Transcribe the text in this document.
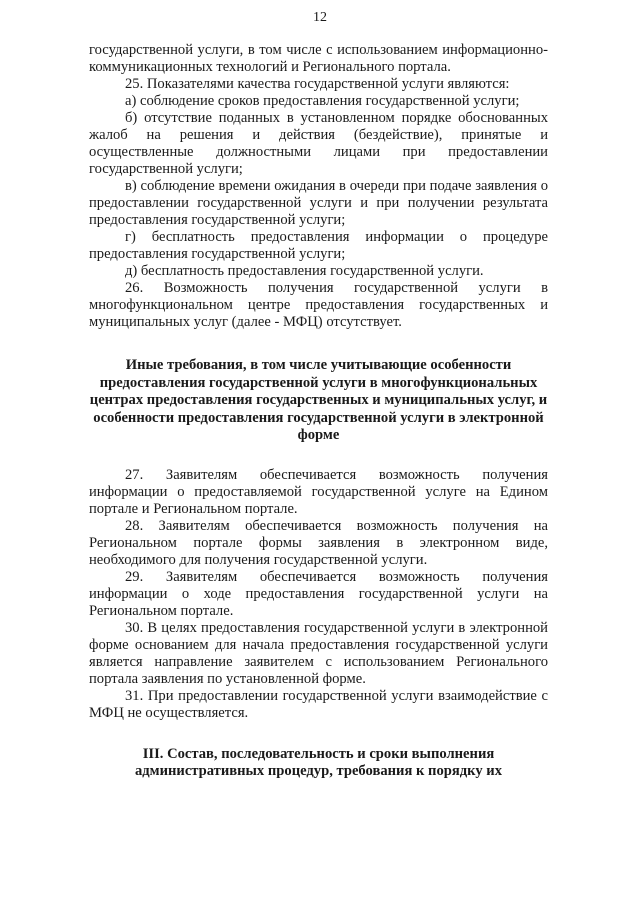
12

государственной услуги, в том числе с использованием информационно-коммуникационных технологий и Регионального портала.

25. Показателями качества государственной услуги являются:

а) соблюдение сроков предоставления государственной услуги;

б) отсутствие поданных в установленном порядке обоснованных жалоб на решения и действия (бездействие), принятые и осуществленные должностными лицами при предоставлении государственной услуги;

в) соблюдение времени ожидания в очереди при подаче заявления о предоставлении государственной услуги и при получении результата предоставления государственной услуги;

г) бесплатность предоставления информации о процедуре предоставления государственной услуги;

д) бесплатность предоставления государственной услуги.

26. Возможность получения государственной услуги в многофункциональном центре предоставления государственных и муниципальных услуг (далее - МФЦ) отсутствует.

Иные требования, в том числе учитывающие особенности предоставления государственной услуги в многофункциональных центрах предоставления государственных и муниципальных услуг, и особенности предоставления государственной услуги в электронной форме

27. Заявителям обеспечивается возможность получения информации о предоставляемой государственной услуге на Едином портале и Региональном портале.

28. Заявителям обеспечивается возможность получения на Региональном портале формы заявления в электронном виде, необходимого для получения государственной услуги.

29. Заявителям обеспечивается возможность получения информации о ходе предоставления государственной услуги на Региональном портале.

30. В целях предоставления государственной услуги в электронной форме основанием для начала предоставления государственной услуги является направление заявителем с использованием Регионального портала заявления по установленной форме.

31. При предоставлении государственной услуги взаимодействие с МФЦ не осуществляется.

III. Состав, последовательность и сроки выполнения административных процедур, требования к порядку их
